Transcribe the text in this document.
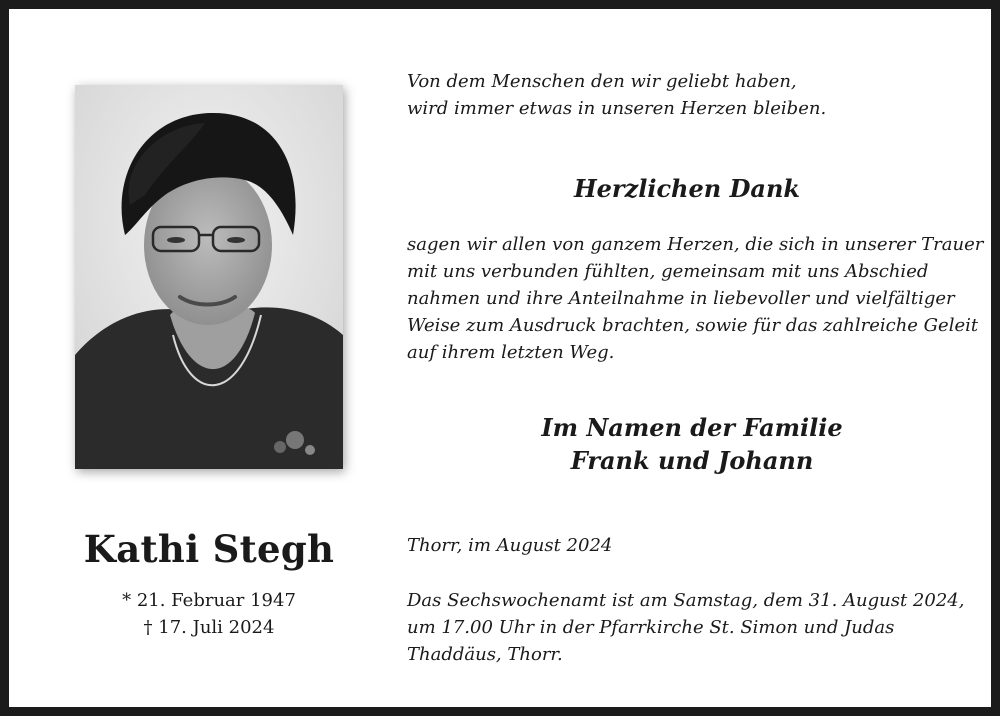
Kathi Stegh
* 21. Februar 1947
† 17. Juli 2024
Von dem Menschen den wir geliebt haben,
wird immer etwas in unseren Herzen bleiben.
Herzlichen Dank
sagen wir allen von ganzem Herzen, die sich in unserer Trauer
mit uns verbunden fühlten, gemeinsam mit uns Abschied
nahmen und ihre Anteilnahme in liebevoller und vielfältiger
Weise zum Ausdruck brachten, sowie für das zahlreiche Geleit
auf ihrem letzten Weg.
Im Namen der Familie
Frank und Johann
Thorr, im August 2024
Das Sechswochenamt ist am Samstag, dem 31. August 2024,
um 17.00 Uhr in der Pfarrkirche St. Simon und Judas
Thaddäus, Thorr.
